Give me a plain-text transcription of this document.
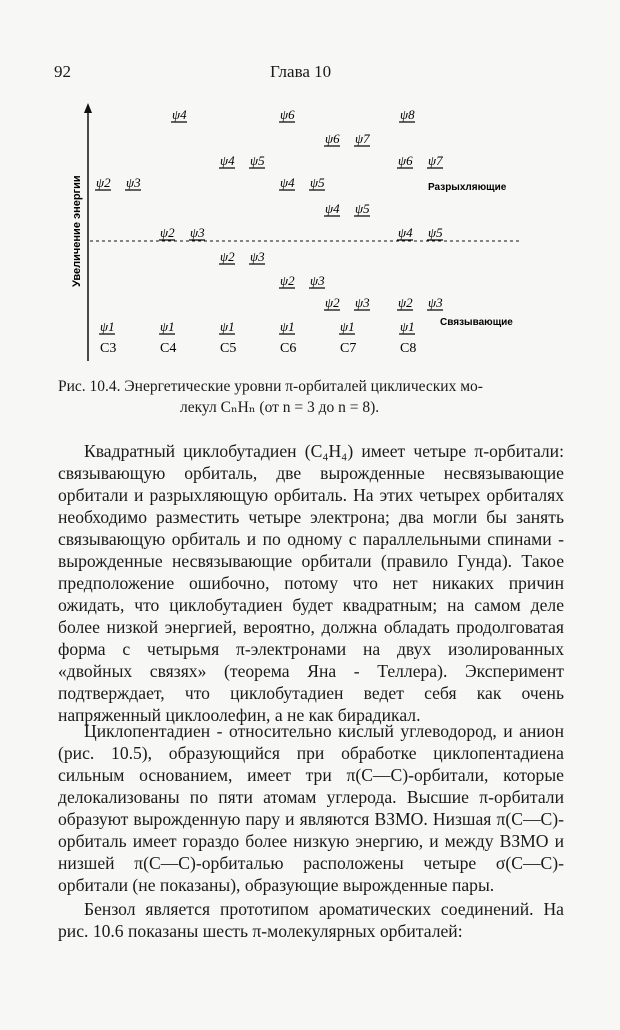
92	Глава 10
Увеличение энергии	Разрыхляющие
Связывающие
ψ1
ψ2 ψ3
ψ1
ψ2 ψ3
ψ4
ψ1
ψ2 ψ3
ψ4 ψ5
ψ1
ψ2 ψ3
ψ4 ψ5
ψ6
ψ1
ψ2 ψ3
ψ4 ψ5
ψ6 ψ7
ψ1
ψ2 ψ3
ψ4 ψ5
ψ6 ψ7
ψ8
C3	C4	C5	C6	C7	C8
Рис. 10.4. Энергетические уровни π-орбиталей циклических мо-
лекул CₙHₙ (от n = 3 до n = 8).

Квадратный циклобутадиен (C₄H₄) имеет четыре π-орбитали: связывающую орбиталь, две вырожденные несвязывающие орбитали и разрыхляющую орбиталь. На этих четырех орбиталях необходимо разместить четыре электрона; два могли бы занять связывающую орбиталь и по одному с параллельными спинами - вырожденные несвязывающие орбитали (правило Гунда). Такое предположение ошибочно, потому что нет никаких причин ожидать, что циклобутадиен будет квадратным; на самом деле более низкой энергией, вероятно, должна обладать продолговатая форма с четырьмя π-электронами на двух изолированных «двойных связях» (теорема Яна - Теллера). Эксперимент подтверждает, что циклобутадиен ведет себя как очень напряженный циклоолефин, а не как бирадикал.

Циклопентадиен - относительно кислый углеводород, и анион (рис. 10.5), образующийся при обработке циклопентадиена сильным основанием, имеет три π(C—C)-орбитали, которые делокализованы по пяти атомам углерода. Высшие π-орбитали образуют вырожденную пару и являются ВЗМО. Низшая π(C—C)-орбиталь имеет гораздо более низкую энергию, и между ВЗМО и низшей π(C—C)-орбиталью расположены четыре σ(C—C)-орбитали (не показаны), образующие вырожденные пары.

Бензол является прототипом ароматических соединений. На рис. 10.6 показаны шесть π-молекулярных орбиталей:
